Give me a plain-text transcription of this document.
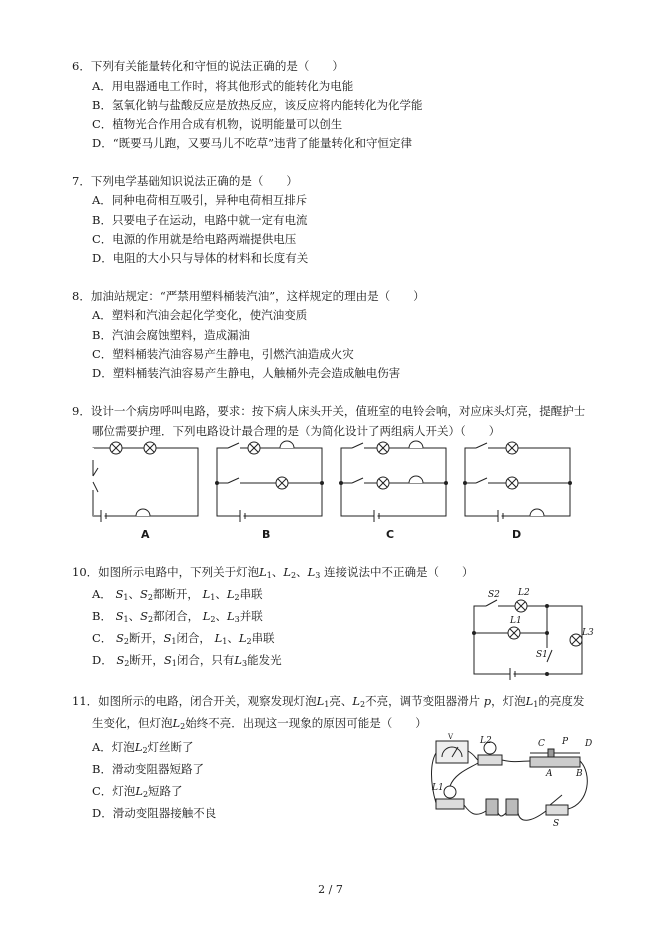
6．下列有关能量转化和守恒的说法正确的是（　　）
A．用电器通电工作时，将其他形式的能转化为电能
B．氢氧化钠与盐酸反应是放热反应，该反应将内能转化为化学能
C．植物光合作用合成有机物，说明能量可以创生
D．“既要马儿跑，又要马儿不吃草”违背了能量转化和守恒定律
7．下列电学基础知识说法正确的是（　　）
A．同种电荷相互吸引，异种电荷相互排斥
B．只要电子在运动，电路中就一定有电流
C．电源的作用就是给电路两端提供电压
D．电阻的大小只与导体的材料和长度有关
8．加油站规定：“严禁用塑料桶装汽油”，这样规定的理由是（　　）
A．塑料和汽油会起化学变化，使汽油变质
B．汽油会腐蚀塑料，造成漏油
C．塑料桶装汽油容易产生静电，引燃汽油造成火灾
D．塑料桶装汽油容易产生静电，人触桶外壳会造成触电伤害
9．设计一个病房呼叫电路，要求：按下病人床头开关，值班室的电铃会响，对应床头灯亮，提醒护士
哪位需要护理．下列电路设计最合理的是（为简化设计了两组病人开关）（　　）
A	B	C	D
10．如图所示电路中，下列关于灯泡$L_1$、$L_2$、$L_3$ 连接说法中不正确是（　　）
A． $S_1$、$S_2$都断开， $L_1$、$L_2$串联
B． $S_1$、$S_2$都闭合， $L_2$、$L_3$并联
C． $S_2$断开，$S_1$闭合， $L_1$、$L_2$串联
D． $S_2$断开，$S_1$闭合，只有$L_3$能发光
S2 L2
L1
L3
S1
11．如图所示的电路，闭合开关，观察发现灯泡$L_1$亮、$L_2$不亮，调节变阻器滑片 p，灯泡$L_1$的亮度发
生变化，但灯泡$L_2$始终不亮．出现这一现象的原因可能是（　　）
A．灯泡$L_2$灯丝断了
B．滑动变阻器短路了
C．灯泡$L_2$短路了
D．滑动变阻器接触不良
V	L2	C P D
A	B
L1
S
2 / 7
